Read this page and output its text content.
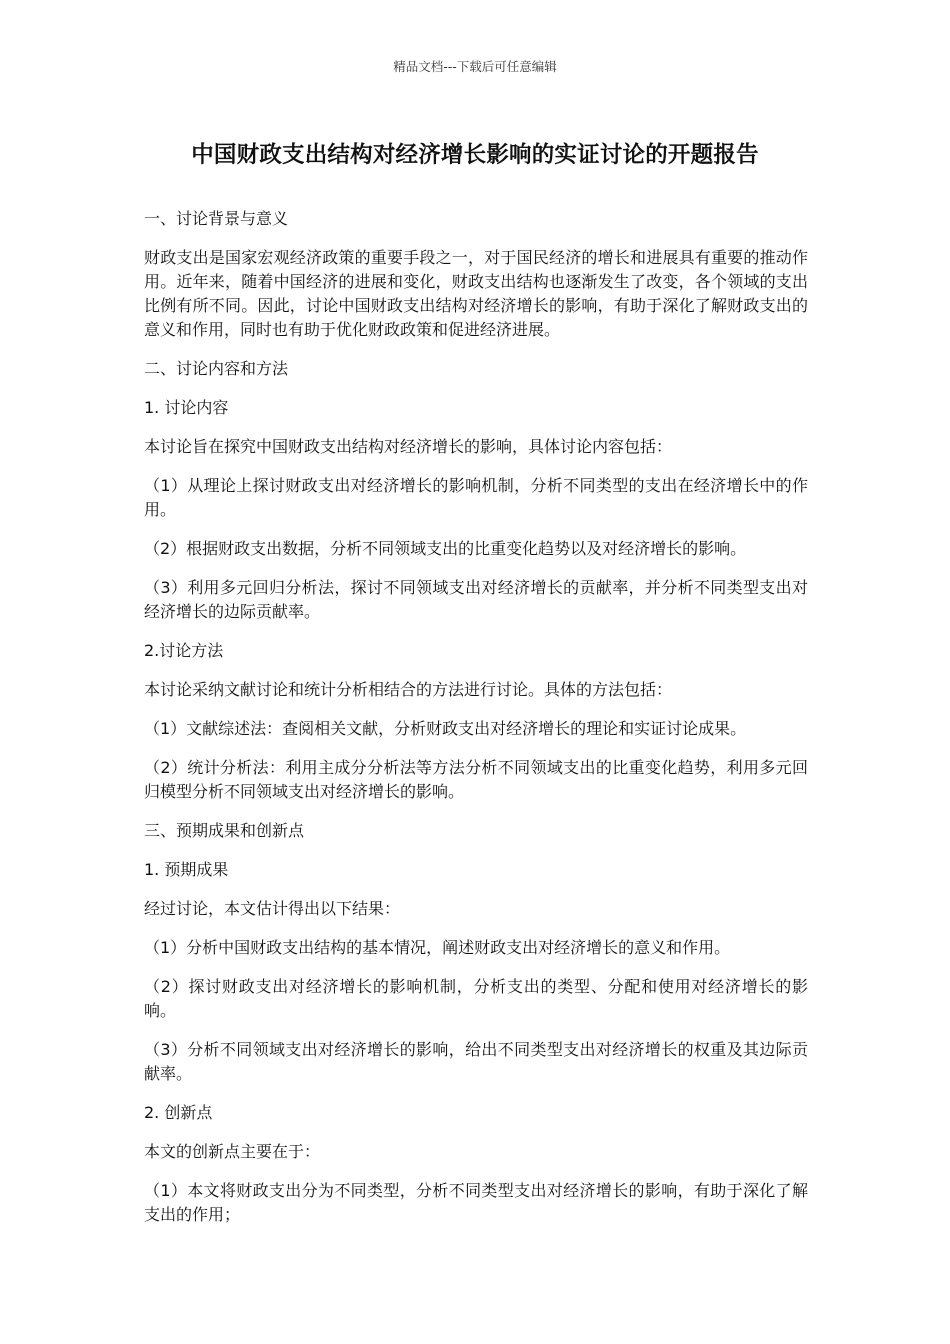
精品文档---下载后可任意编辑
中国财政支出结构对经济增长影响的实证讨论的开题报告

一、讨论背景与意义

财政支出是国家宏观经济政策的重要手段之一，对于国民经济的增长和进展具有重要的推动作用。近年来，随着中国经济的进展和变化，财政支出结构也逐渐发生了改变，各个领域的支出比例有所不同。因此，讨论中国财政支出结构对经济增长的影响，有助于深化了解财政支出的意义和作用，同时也有助于优化财政政策和促进经济进展。

二、讨论内容和方法

1. 讨论内容

本讨论旨在探究中国财政支出结构对经济增长的影响，具体讨论内容包括：

（1）从理论上探讨财政支出对经济增长的影响机制，分析不同类型的支出在经济增长中的作用。

（2）根据财政支出数据，分析不同领域支出的比重变化趋势以及对经济增长的影响。

（3）利用多元回归分析法，探讨不同领域支出对经济增长的贡献率，并分析不同类型支出对经济增长的边际贡献率。

2.讨论方法

本讨论采纳文献讨论和统计分析相结合的方法进行讨论。具体的方法包括：

（1）文献综述法：查阅相关文献，分析财政支出对经济增长的理论和实证讨论成果。

（2）统计分析法：利用主成分分析法等方法分析不同领域支出的比重变化趋势，利用多元回归模型分析不同领域支出对经济增长的影响。

三、预期成果和创新点

1. 预期成果

经过讨论，本文估计得出以下结果：

（1）分析中国财政支出结构的基本情况，阐述财政支出对经济增长的意义和作用。

（2）探讨财政支出对经济增长的影响机制，分析支出的类型、分配和使用对经济增长的影响。

（3）分析不同领域支出对经济增长的影响，给出不同类型支出对经济增长的权重及其边际贡献率。

2. 创新点

本文的创新点主要在于：

（1）本文将财政支出分为不同类型，分析不同类型支出对经济增长的影响，有助于深化了解支出的作用；
